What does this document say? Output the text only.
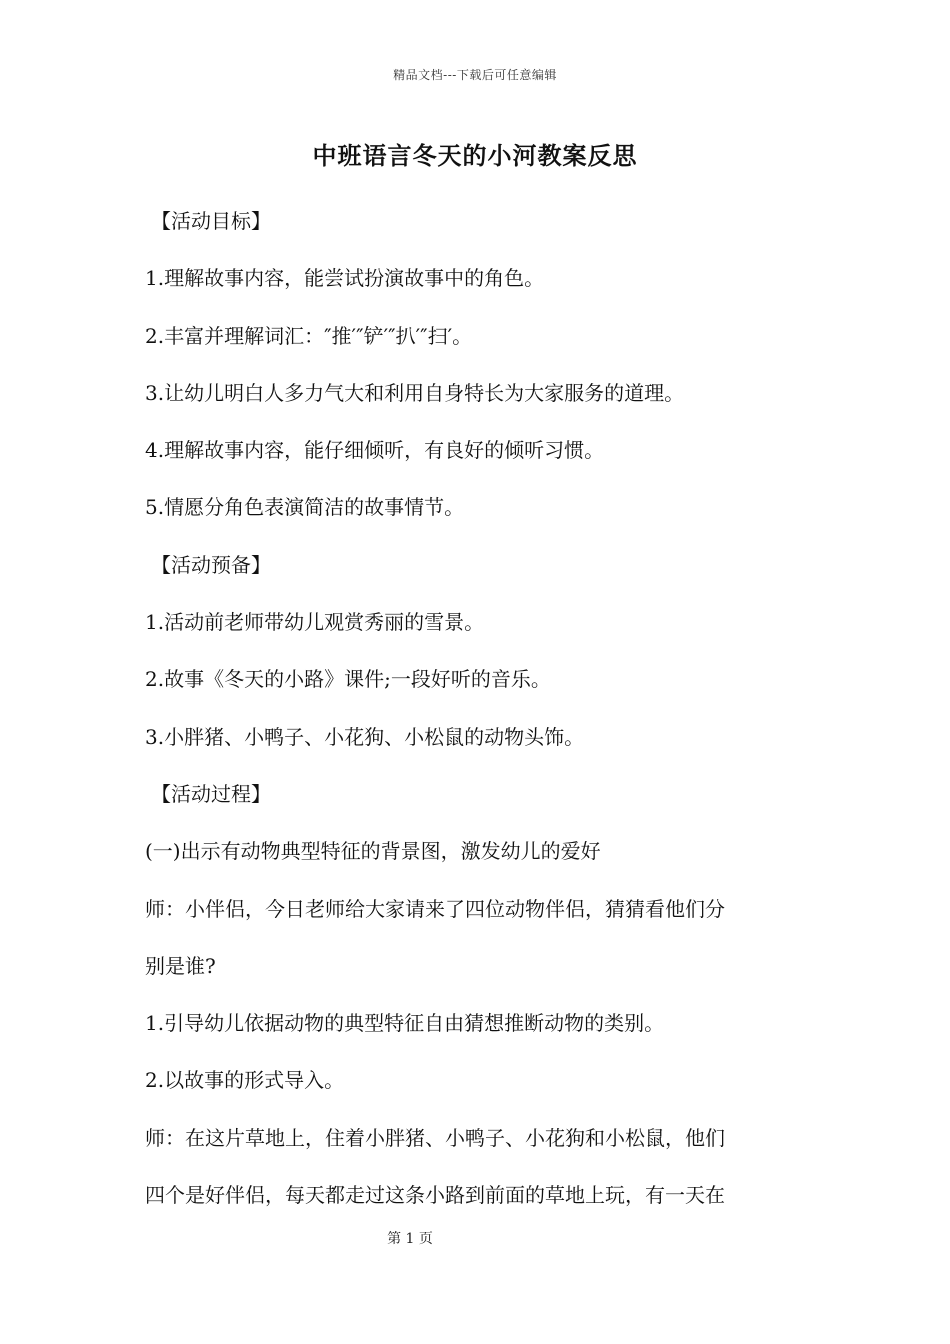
精品文档---下载后可任意编辑
中班语言冬天的小河教案反思
【活动目标】
1.理解故事内容，能尝试扮演故事中的角色。
2.丰富并理解词汇：″推′″铲′″扒′″扫′。
3.让幼儿明白人多力气大和利用自身特长为大家服务的道理。
4.理解故事内容，能仔细倾听，有良好的倾听习惯。
5.情愿分角色表演简洁的故事情节。
【活动预备】
1.活动前老师带幼儿观赏秀丽的雪景。
2.故事《冬天的小路》课件;一段好听的音乐。
3.小胖猪、小鸭子、小花狗、小松鼠的动物头饰。
【活动过程】
(一)出示有动物典型特征的背景图，激发幼儿的爱好
师：小伴侣，今日老师给大家请来了四位动物伴侣，猜猜看他们分
别是谁?
1.引导幼儿依据动物的典型特征自由猜想推断动物的类别。
2.以故事的形式导入。
师：在这片草地上，住着小胖猪、小鸭子、小花狗和小松鼠，他们
四个是好伴侣，每天都走过这条小路到前面的草地上玩，有一天在
第 1 页
